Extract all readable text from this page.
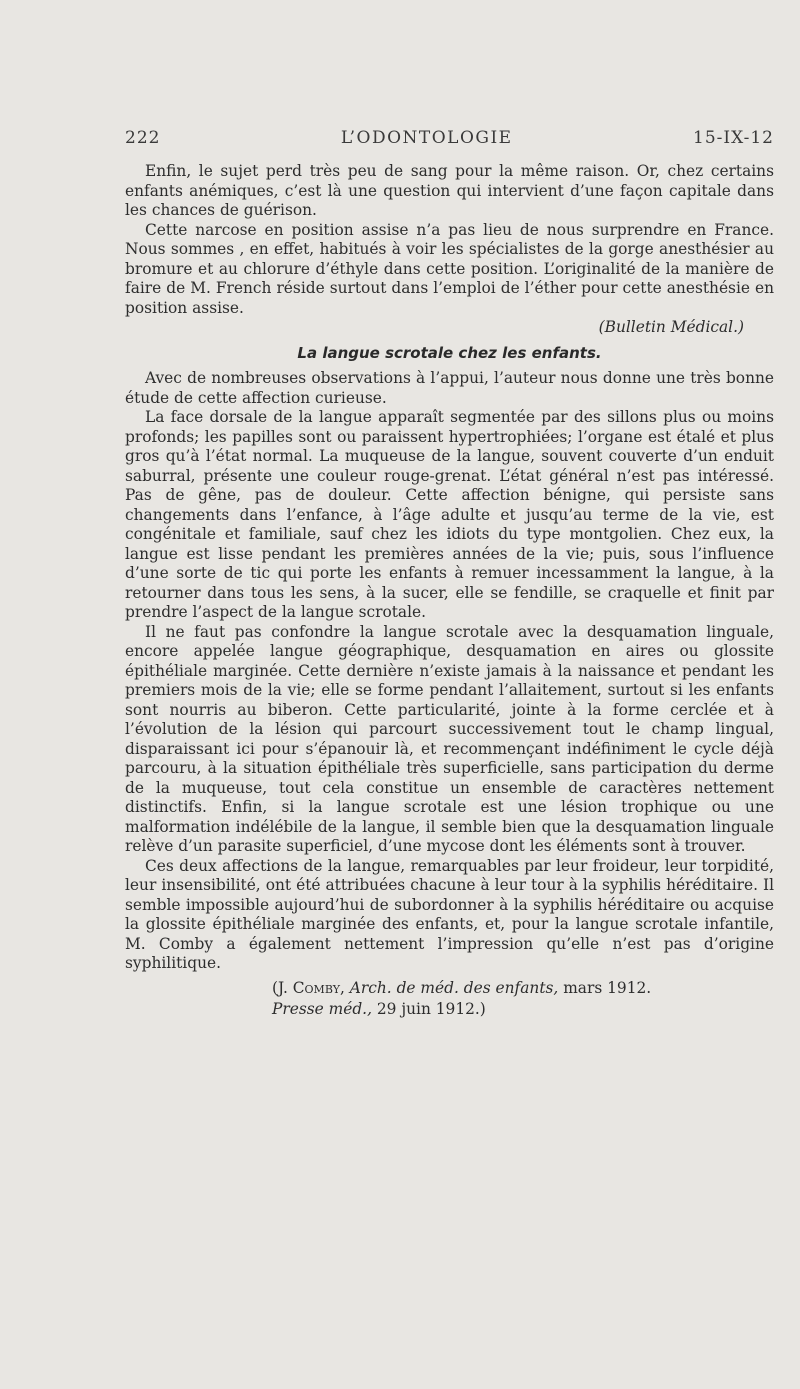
222	L’ODONTOLOGIE	15-IX-12

Enfin, le sujet perd très peu de sang pour la même raison. Or, chez certains enfants anémiques, c’est là une question qui intervient d’une façon capitale dans les chances de guérison.

Cette narcose en position assise n’a pas lieu de nous surprendre en France. Nous sommes , en effet, habitués à voir les spécialistes de la gorge anesthésier au bromure et au chlorure d’éthyle dans cette position. L’originalité de la manière de faire de M. French réside surtout dans l’emploi de l’éther pour cette anesthésie en position assise.

(Bulletin Médical.)
La langue scrotale chez les enfants.

Avec de nombreuses observations à l’appui, l’auteur nous donne une très bonne étude de cette affection curieuse.

La face dorsale de la langue apparaît segmentée par des sillons plus ou moins profonds; les papilles sont ou paraissent hypertrophiées; l’organe est étalé et plus gros qu’à l’état normal. La muqueuse de la langue, souvent couverte d’un enduit saburral, présente une couleur rouge-grenat. L’état général n’est pas intéressé. Pas de gêne, pas de douleur. Cette affection bénigne, qui persiste sans changements dans l’enfance, à l’âge adulte et jusqu’au terme de la vie, est congénitale et familiale, sauf chez les idiots du type montgolien. Chez eux, la langue est lisse pendant les premières années de la vie; puis, sous l’influence d’une sorte de tic qui porte les enfants à remuer incessamment la langue, à la retourner dans tous les sens, à la sucer, elle se fendille, se craquelle et finit par prendre l’aspect de la langue scrotale.

Il ne faut pas confondre la langue scrotale avec la desquamation linguale, encore appelée langue géographique, desquamation en aires ou glossite épithéliale marginée. Cette dernière n’existe jamais à la naissance et pendant les premiers mois de la vie; elle se forme pendant l’allaitement, surtout si les enfants sont nourris au biberon. Cette particularité, jointe à la forme cerclée et à l’évolution de la lésion qui parcourt successivement tout le champ lingual, disparaissant ici pour s’épanouir là, et recommençant indéfiniment le cycle déjà parcouru, à la situation épithéliale très superficielle, sans participation du derme de la muqueuse, tout cela constitue un ensemble de caractères nettement distinctifs. Enfin, si la langue scrotale est une lésion trophique ou une malformation indélébile de la langue, il semble bien que la desquamation linguale relève d’un parasite superficiel, d’une mycose dont les éléments sont à trouver.

Ces deux affections de la langue, remarquables par leur froideur, leur torpidité, leur insensibilité, ont été attribuées chacune à leur tour à la syphilis héréditaire. Il semble impossible aujourd’hui de subordonner à la syphilis héréditaire ou acquise la glossite épithéliale marginée des enfants, et, pour la langue scrotale infantile, M. Comby a également nettement l’impression qu’elle n’est pas d’origine syphilitique.

(J. Comby, Arch. de méd. des enfants, mars 1912.
Presse méd., 29 juin 1912.)
